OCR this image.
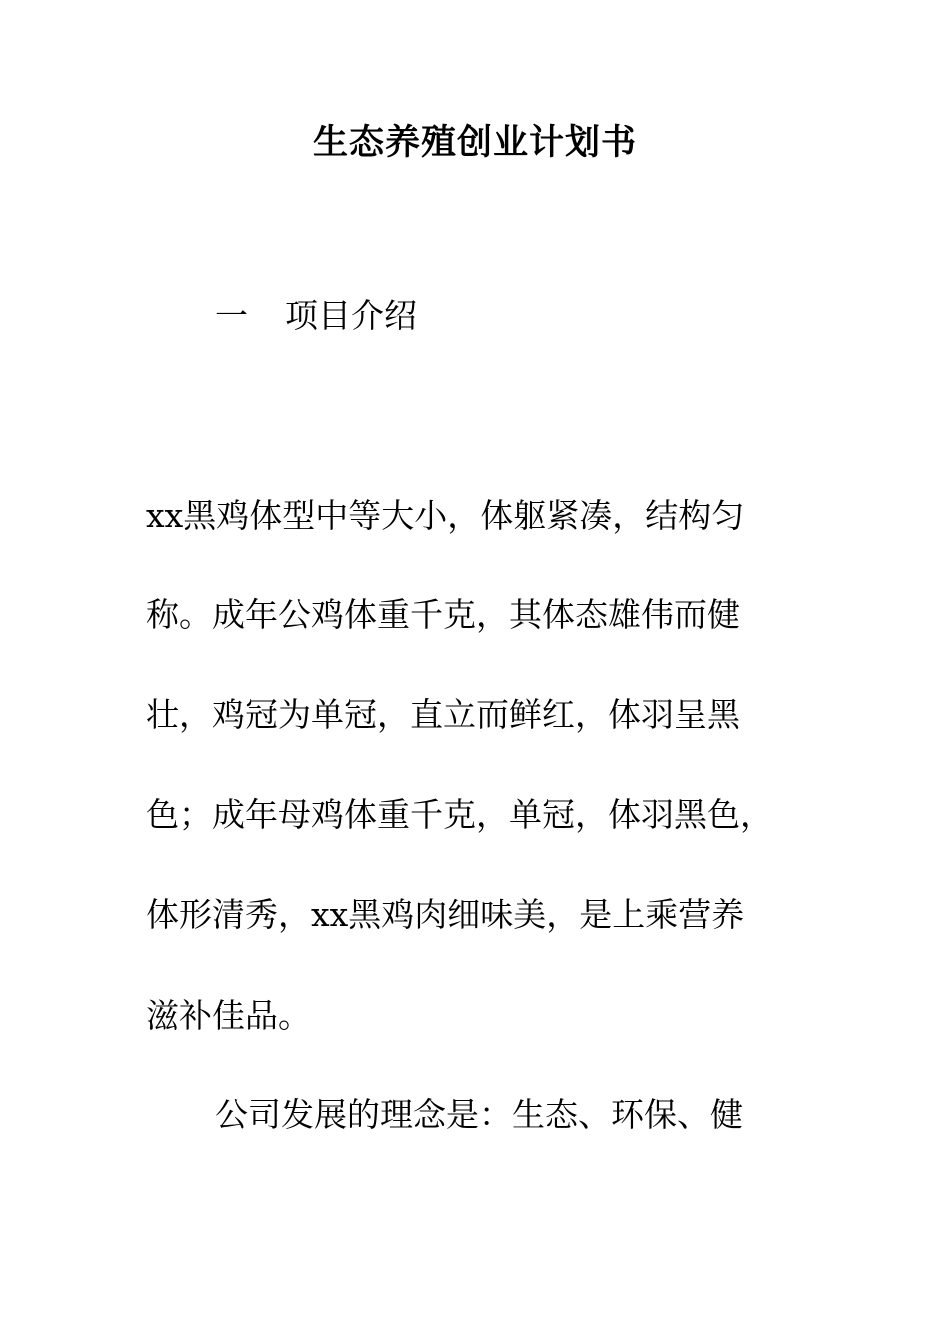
生态养殖创业计划书
一 项目介绍
xx黑鸡体型中等大小，体躯紧凑，结构匀
称。成年公鸡体重千克，其体态雄伟而健
壮，鸡冠为单冠，直立而鲜红，体羽呈黑
色；成年母鸡体重千克，单冠，体羽黑色，
体形清秀，xx黑鸡肉细味美，是上乘营养
滋补佳品。
公司发展的理念是：生态、环保、健
